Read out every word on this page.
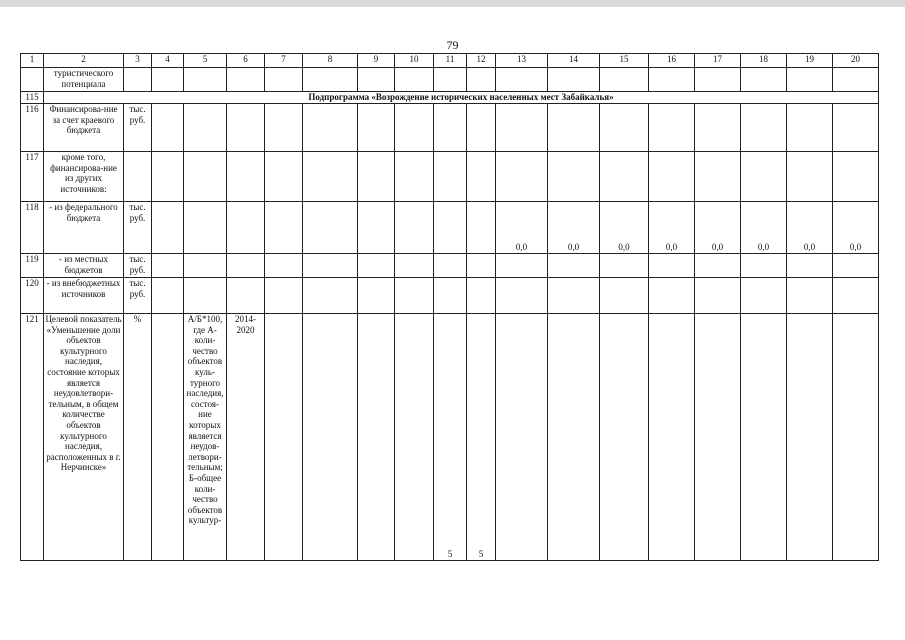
79
1	2	3	4	5	6	7	8	9	10	11	12	13	14	15	16	17	18	19	20
	туристического потенциала																		
115	Подпрограмма «Возрождение исторических населенных мест Забайкалья»																		
116	Финансирова-ние за счет краевого бюджета	тыс. руб.																	
117	кроме того, финансирова-ние из других источников:																		
118	- из федерального бюджета	тыс. руб.										0,0	0,0	0,0	0,0	0,0	0,0	0,0	0,0
119	- из местных бюджетов	тыс. руб.																	
120	- из внебюджетных источников	тыс. руб.																	
121	Целевой показатель «Уменьшение доли объектов культурного наследия, состояние которых является неудовлетвори-тельным, в общем количестве объектов культурного наследия, расположенных в г. Нерчинске»	%		А/Б*100, где А-коли-чество объектов куль-турного наследия, состоя-ние которых является неудов-летвори-тельным; Б-общее коли-чество объектов культур-	2014-2020					5	5								
